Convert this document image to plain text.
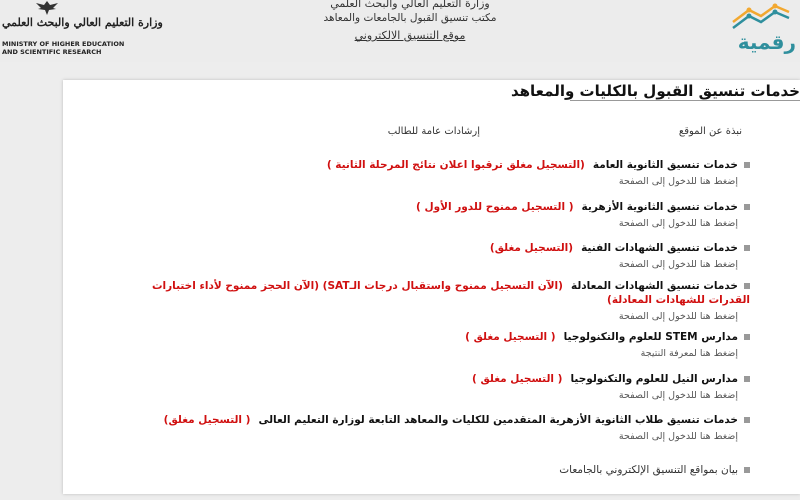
وزارة التعليم العالي والبحث العلمي
MINISTRY OF HIGHER EDUCATION
AND SCIENTIFIC RESEARCH
وزارة التعليم العالي والبحث العلمي
مكتب تنسيق القبول بالجامعات والمعاهد
موقع التنسيق الالكتروني	رقمية
خدمات تنسيق القبول بالكليات والمعاهد
نبذة عن الموقع
إرشادات عامة للطالب
خدمات تنسيق الثانوية العامة(التسجيل مغلق ترقبوا اعلان نتائج المرحلة الثانية )
إضغط هنا للدخول إلى الصفحة
خدمات تنسيق الثانوية الأزهرية( التسجيل ممنوح للدور الأول )
إضغط هنا للدخول إلى الصفحة
خدمات تنسيق الشهادات الفنية(التسجيل مغلق)
إضغط هنا للدخول إلى الصفحة
خدمات تنسيق الشهادات المعادلة(الآن التسجيل ممنوح واستقبال درجات الـSAT) (الآن الحجز ممنوح لأداء اختبارات القدرات للشهادات المعادلة)
إضغط هنا للدخول إلى الصفحة
مدارس STEM للعلوم والتكنولوجيا( التسجيل مغلق )
إضغط هنا لمعرفة النتيجة
مدارس النيل للعلوم والتكنولوجيا( التسجيل مغلق )
إضغط هنا للدخول إلى الصفحة
خدمات تنسيق طلاب الثانوية الأزهرية المتقدمين للكليات والمعاهد التابعة لوزارة التعليم العالى( التسجيل مغلق)
إضغط هنا للدخول إلى الصفحة
بيان بمواقع التنسيق الإلكتروني بالجامعات
